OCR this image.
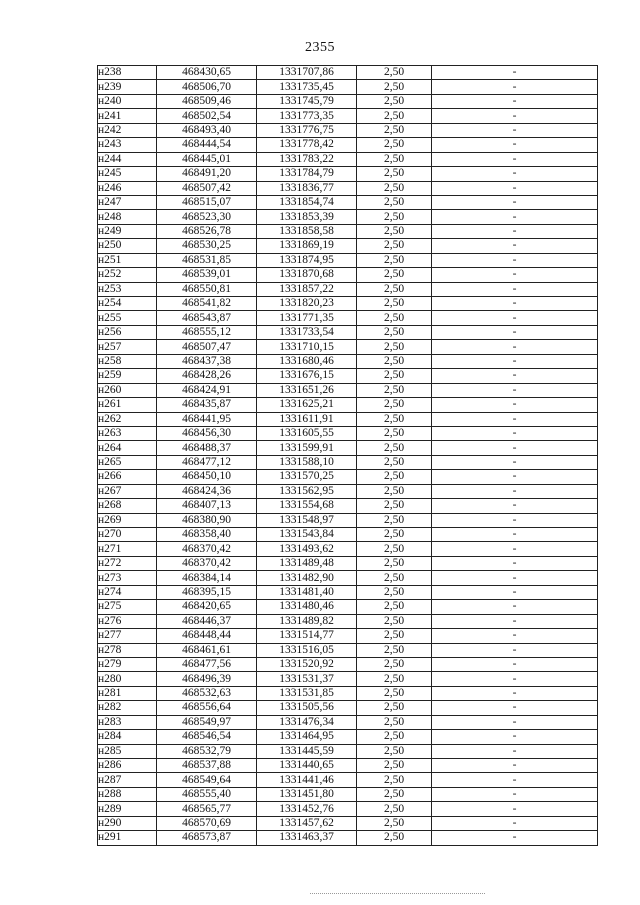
2355
н238	468430,65	1331707,86	2,50	-
н239	468506,70	1331735,45	2,50	-
н240	468509,46	1331745,79	2,50	-
н241	468502,54	1331773,35	2,50	-
н242	468493,40	1331776,75	2,50	-
н243	468444,54	1331778,42	2,50	-
н244	468445,01	1331783,22	2,50	-
н245	468491,20	1331784,79	2,50	-
н246	468507,42	1331836,77	2,50	-
н247	468515,07	1331854,74	2,50	-
н248	468523,30	1331853,39	2,50	-
н249	468526,78	1331858,58	2,50	-
н250	468530,25	1331869,19	2,50	-
н251	468531,85	1331874,95	2,50	-
н252	468539,01	1331870,68	2,50	-
н253	468550,81	1331857,22	2,50	-
н254	468541,82	1331820,23	2,50	-
н255	468543,87	1331771,35	2,50	-
н256	468555,12	1331733,54	2,50	-
н257	468507,47	1331710,15	2,50	-
н258	468437,38	1331680,46	2,50	-
н259	468428,26	1331676,15	2,50	-
н260	468424,91	1331651,26	2,50	-
н261	468435,87	1331625,21	2,50	-
н262	468441,95	1331611,91	2,50	-
н263	468456,30	1331605,55	2,50	-
н264	468488,37	1331599,91	2,50	-
н265	468477,12	1331588,10	2,50	-
н266	468450,10	1331570,25	2,50	-
н267	468424,36	1331562,95	2,50	-
н268	468407,13	1331554,68	2,50	-
н269	468380,90	1331548,97	2,50	-
н270	468358,40	1331543,84	2,50	-
н271	468370,42	1331493,62	2,50	-
н272	468370,42	1331489,48	2,50	-
н273	468384,14	1331482,90	2,50	-
н274	468395,15	1331481,40	2,50	-
н275	468420,65	1331480,46	2,50	-
н276	468446,37	1331489,82	2,50	-
н277	468448,44	1331514,77	2,50	-
н278	468461,61	1331516,05	2,50	-
н279	468477,56	1331520,92	2,50	-
н280	468496,39	1331531,37	2,50	-
н281	468532,63	1331531,85	2,50	-
н282	468556,64	1331505,56	2,50	-
н283	468549,97	1331476,34	2,50	-
н284	468546,54	1331464,95	2,50	-
н285	468532,79	1331445,59	2,50	-
н286	468537,88	1331440,65	2,50	-
н287	468549,64	1331441,46	2,50	-
н288	468555,40	1331451,80	2,50	-
н289	468565,77	1331452,76	2,50	-
н290	468570,69	1331457,62	2,50	-
н291	468573,87	1331463,37	2,50	-
